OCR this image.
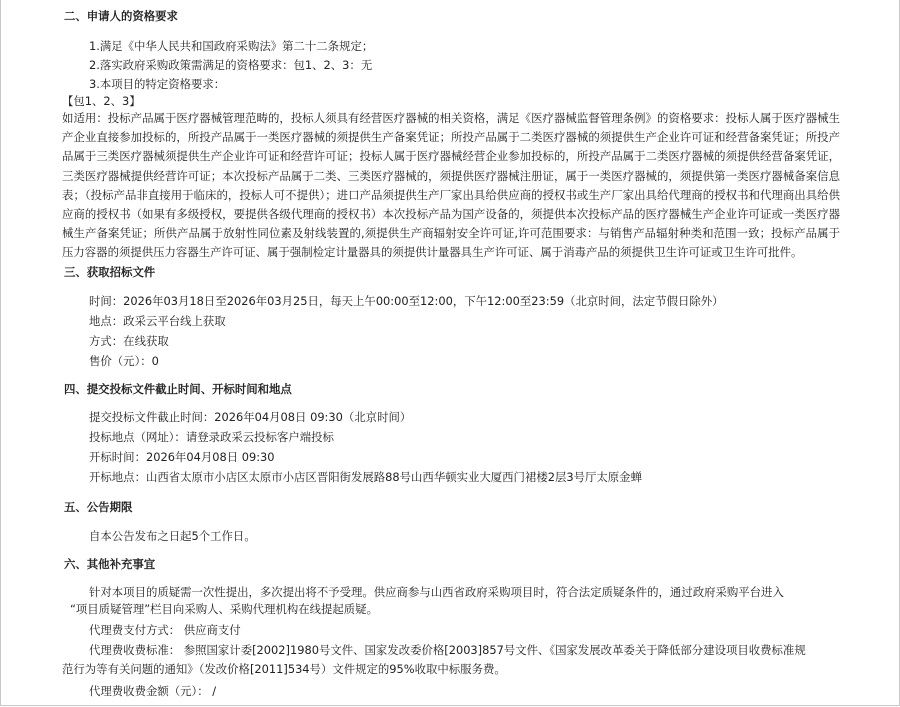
二、申请人的资格要求
1.满足《中华人民共和国政府采购法》第二十二条规定；
2.落实政府采购政策需满足的资格要求：包1、2、3：无
3.本项目的特定资格要求：
【包1、2、3】
如适用：投标产品属于医疗器械管理范畴的，投标人须具有经营医疗器械的相关资格，满足《医疗器械监督管理条例》的资格要求：投标人属于医疗器械生产企业直接参加投标的，所投产品属于一类医疗器械的须提供生产备案凭证；所投产品属于二类医疗器械的须提供生产企业许可证和经营备案凭证；所投产品属于三类医疗器械须提供生产企业许可证和经营许可证；投标人属于医疗器械经营企业参加投标的，所投产品属于二类医疗器械的须提供经营备案凭证，三类医疗器械提供经营许可证；本次投标产品属于二类、三类医疗器械的，须提供医疗器械注册证，属于一类医疗器械的，须提供第一类医疗器械备案信息表；（投标产品非直接用于临床的，投标人可不提供）；进口产品须提供生产厂家出具给供应商的授权书或生产厂家出具给代理商的授权书和代理商出具给供应商的授权书（如果有多级授权，要提供各级代理商的授权书）本次投标产品为国产设备的，须提供本次投标产品的医疗器械生产企业许可证或一类医疗器械生产备案凭证；所供产品属于放射性同位素及射线装置的,须提供生产商辐射安全许可证,许可范围要求：与销售产品辐射种类和范围一致；投标产品属于压力容器的须提供压力容器生产许可证、属于强制检定计量器具的须提供计量器具生产许可证、属于消毒产品的须提供卫生许可证或卫生许可批件。
三、获取招标文件
时间：2026年03月18日至2026年03月25日，每天上午00:00至12:00，下午12:00至23:59（北京时间，法定节假日除外）
地点：政采云平台线上获取
方式：在线获取
售价（元）：0
四、提交投标文件截止时间、开标时间和地点
提交投标文件截止时间：2026年04月08日 09:30（北京时间）
投标地点（网址）：请登录政采云投标客户端投标
开标时间：2026年04月08日 09:30
开标地点：山西省太原市小店区太原市小店区晋阳街发展路88号山西华顿实业大厦西门裙楼2层3号厅太原金蝉
五、公告期限
自本公告发布之日起5个工作日。
六、其他补充事宜
针对本项目的质疑需一次性提出，多次提出将不予受理。供应商参与山西省政府采购项目时，符合法定质疑条件的，通过政府采购平台进入
“项目质疑管理”栏目向采购人、采购代理机构在线提起质疑。
代理费支付方式： 供应商支付
代理费收费标准： 参照国家计委[2002]1980号文件、国家发改委价格[2003]857号文件、《国家发展改革委关于降低部分建设项目收费标准规
范行为等有关问题的通知》（发改价格[2011]534号）文件规定的95%收取中标服务费。
代理费收费金额（元）： /
